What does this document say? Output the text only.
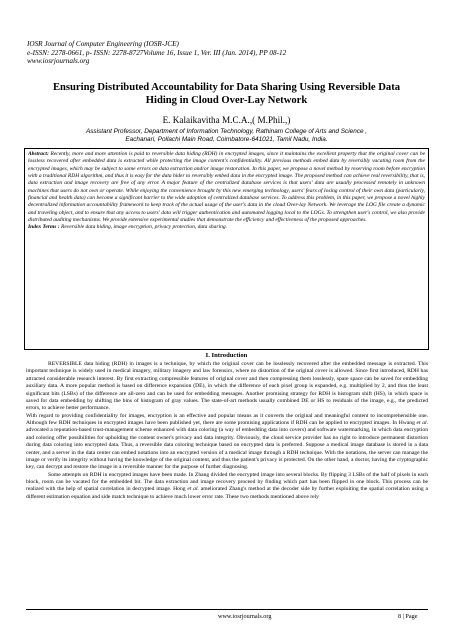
IOSR Journal of Computer Engineering (IOSR-JCE)
e-ISSN: 2278-0661, p- ISSN: 2278-8727Volume 16, Issue 1, Ver. III (Jan. 2014), PP 08-12
www.iosrjournals.org
Ensuring Distributed Accountability for Data Sharing Using Reversible Data Hiding in Cloud Over-Lay Network
E. Kalaikavitha M.C.A.,( M.Phil.,)
Assistant Professor, Department of Information Technology, Rathinam College of Arts and Science ,
Eachanari, Pollachi Main Road, Coimbatore-641021, Tamil Nadu, India.
Abstract: Recently, more and more attention is paid to reversible data hiding (RDH) in encrypted images, since it maintains the excellent property that the original cover can be lossless recovered after embedded data is extracted while protecting the image content's confidentiality. All previous methods embed data by reversibly vacating room from the encrypted images, which may be subject to some errors on data extraction and/or image restoration. In this paper, we propose a novel method by reserving room before encryption with a traditional RDH algorithm, and thus it is easy for the data hider to reversibly embed data in the encrypted image. The proposed method can achieve real reversibility, that is, data extraction and image recovery are free of any error. A major feature of the centralized database services is that users' data are usually processed remotely in unknown machines that users do not own or operate. While enjoying the convenience brought by this new emerging technology, users' fears of losing control of their own data (particularly, financial and health data) can become a significant barrier to the wide adoption of centralized database services. To address this problem, in this paper, we propose a novel highly decentralized information accountability framework to keep track of the actual usage of the user's data in the cloud Over-lay Network. We leverage the LOG file create a dynamic and traveling object, and to ensure that any access to users' data will trigger authentication and automated logging local to the LOGs. To strengthen user's control, we also provide distributed auditing mechanisms. We provide extensive experimental studies that demonstrate the efficiency and effectiveness of the proposed approaches.
Index Terms : Reversible data hiding, image encryption, privacy protection, data sharing.
I. Introduction

REVERSIBLE data hiding (RDH) in images is a technique, by which the original cover can be losslessly recovered after the embedded message is extracted. This important technique is widely used in medical imagery, military imagery and law forensics, where no distortion of the original cover is allowed. Since first introduced, RDH has attracted considerable research interest. By first extracting compressible features of original cover and then compressing them losslessly, spare space can be saved for embedding auxiliary data. A more popular method is based on difference expansion (DE), in which the difference of each pixel group is expanded, e.g. multiplied by 2, and thus the least significant bits (LSBs) of the difference are all-zero and can be used for embedding messages. Another promising strategy for RDH is histogram shift (HS), in which space is saved for data embedding by shifting the bins of histogram of gray values. The state-of-art methods usually combined DE or HS to residuals of the image, e.g., the predicted errors, to achieve better performance.

With regard to providing confidentiality for images, encryption is an effective and popular means as it converts the original and meaningful content to incomprehensible one. Although few RDH techniques in encrypted images have been published yet, there are some promising applications if RDH can be applied to encrypted images. In Hwang et al. advocated a reputation-based trust-management scheme enhanced with data coloring (a way of embedding data into covers) and software watermarking, in which data encryption and coloring offer possibilities for upholding the content owner's privacy and data integrity. Obviously, the cloud service provider has no right to introduce permanent distortion during data coloring into encrypted data. Thus, a reversible data coloring technique based on encrypted data is preferred. Suppose a medical image database is stored in a data center, and a server in the data center can embed notations into an encrypted version of a medical image through a RDH technique. With the notations, the server can manage the image or verify its integrity without having the knowledge of the original content, and thus the patient's privacy is protected. On the other hand, a doctor, having the cryptographic key, can decrypt and restore the image in a reversible manner for the purpose of further diagnosing.

Some attempts on RDH in encrypted images have been made. In Zhang divided the encrypted image into several blocks. By flipping 3 LSBs of the half of pixels in each block, room can be vacated for the embedded bit. The data extraction and image recovery proceed by finding which part has been flipped in one block. This process can be realized with the help of spatial correlation in decrypted image. Hong et al. ameliorated Zhang's method at the decoder side by further exploiting the spatial correlation using a different estimation equation and side match technique to achieve much lower error rate. These two methods mentioned above rely

www.iosrjournals.org	8 | Page
